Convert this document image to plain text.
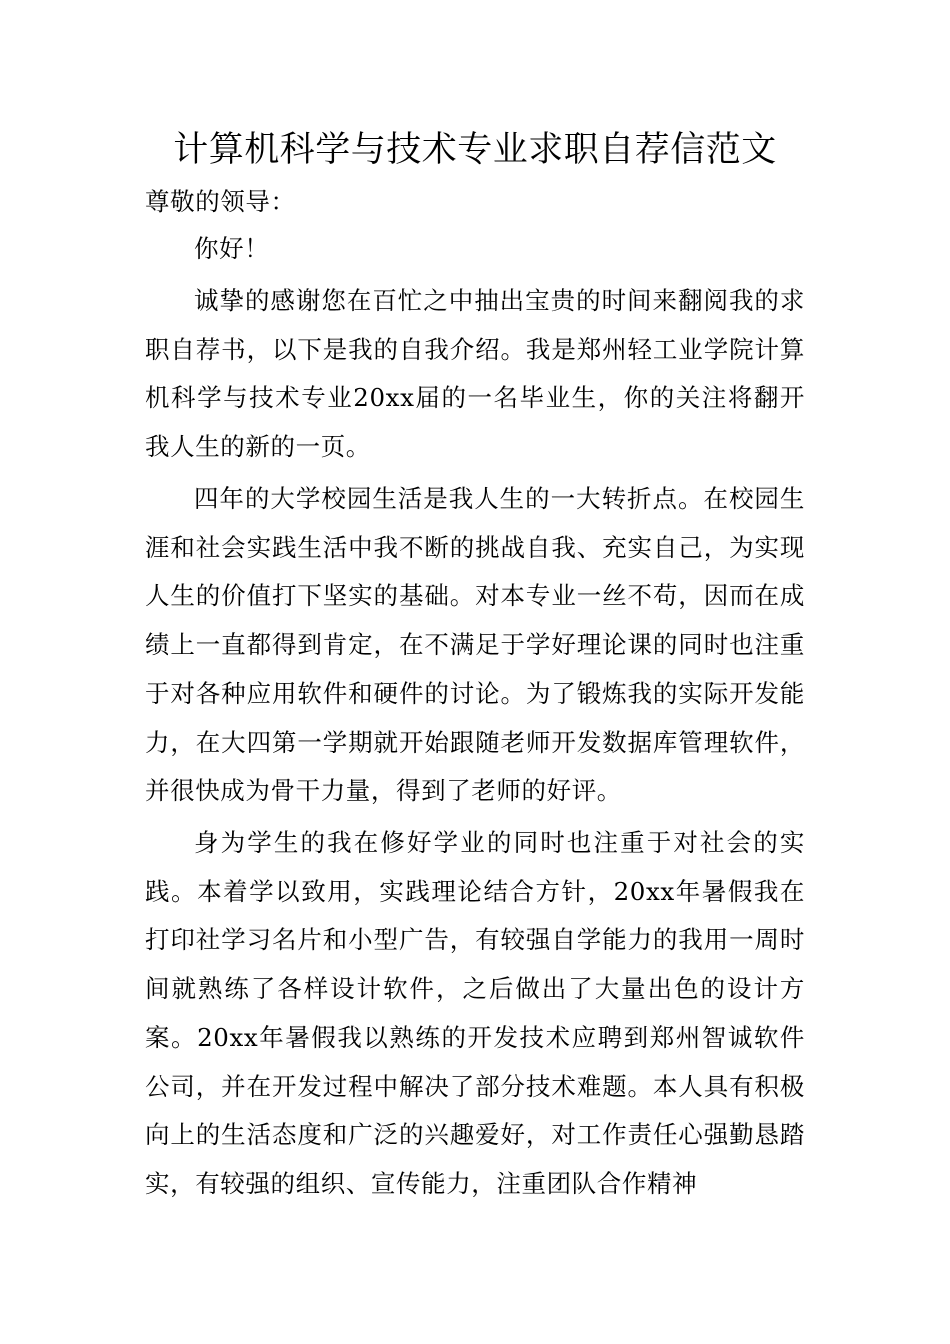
计算机科学与技术专业求职自荐信范文
尊敬的领导：
你好！

诚挚的感谢您在百忙之中抽出宝贵的时间来翻阅我的求职自荐书，以下是我的自我介绍。我是郑州轻工业学院计算机科学与技术专业20xx届的一名毕业生，你的关注将翻开我人生的新的一页。

四年的大学校园生活是我人生的一大转折点。在校园生涯和社会实践生活中我不断的挑战自我、充实自己，为实现人生的价值打下坚实的基础。对本专业一丝不苟，因而在成绩上一直都得到肯定，在不满足于学好理论课的同时也注重于对各种应用软件和硬件的讨论。为了锻炼我的实际开发能力，在大四第一学期就开始跟随老师开发数据库管理软件，并很快成为骨干力量，得到了老师的好评。

身为学生的我在修好学业的同时也注重于对社会的实践。本着学以致用，实践理论结合方针，20xx年暑假我在打印社学习名片和小型广告，有较强自学能力的我用一周时间就熟练了各样设计软件，之后做出了大量出色的设计方案。20xx年暑假我以熟练的开发技术应聘到郑州智诚软件公司，并在开发过程中解决了部分技术难题。本人具有积极向上的生活态度和广泛的兴趣爱好，对工作责任心强勤恳踏实，有较强的组织、宣传能力，注重团队合作精神
